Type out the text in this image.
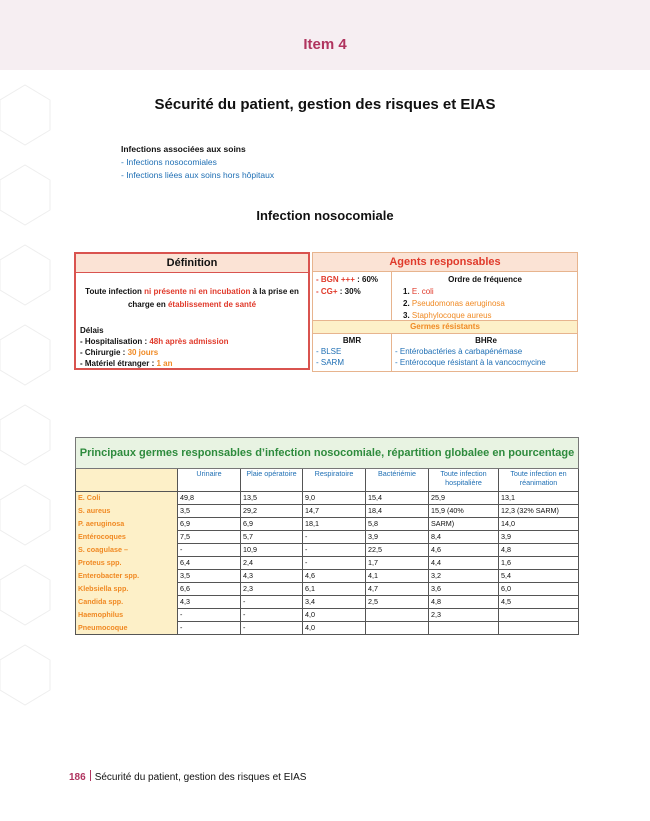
Item 4
Sécurité du patient, gestion des risques et EIAS
Infections associées aux soins
- Infections nosocomiales
- Infections liées aux soins hors hôpitaux
Infection nosocomiale
Définition
Toute infection ni présente ni en incubation à la prise en charge en établissement de santé
Délais
- Hospitalisation : 48h après admission
- Chirurgie : 30 jours
- Matériel étranger : 1 an
Agents responsables
- BGN +++ : 60%
- CG+ : 30%
Ordre de fréquence
1. E. coli
2. Pseudomonas aeruginosa
3. Staphylocoque aureus
Germes résistants
BMR
- BLSE
- SARM
BHRe
- Entérobactéries à carbapénémase
- Entérocoque résistant à la vancocmycine
Principaux germes responsables d’infection nosocomiale, répartition globalee en pourcentage						
	Urinaire	Plaie opératoire	Respiratoire	Bactériémie	Toute infection hospitalière	Toute infection en réanimation
E. Coli	49,8	13,5	9,0	15,4	25,9	13,1
S. aureus	3,5	29,2	14,7	18,4	15,9 (40%	12,3 (32% SARM)
P. aeruginosa	6,9	6,9	18,1	5,8	SARM)	14,0
Entérocoques	7,5	5,7	-	3,9	8,4	3,9
S. coagulase –	-	10,9	-	22,5	4,6	4,8
Proteus spp.	6,4	2,4	-	1,7	4,4	1,6
Enterobacter spp.	3,5	4,3	4,6	4,1	3,2	5,4
Klebsiella spp.	6,6	2,3	6,1	4,7	3,6	6,0
Candida spp.	4,3	-	3,4	2,5	4,8	4,5
Haemophilus	-	-	4,0		2,3	
Pneumocoque	-	-	4,0			
186 Sécurité du patient, gestion des risques et EIAS
